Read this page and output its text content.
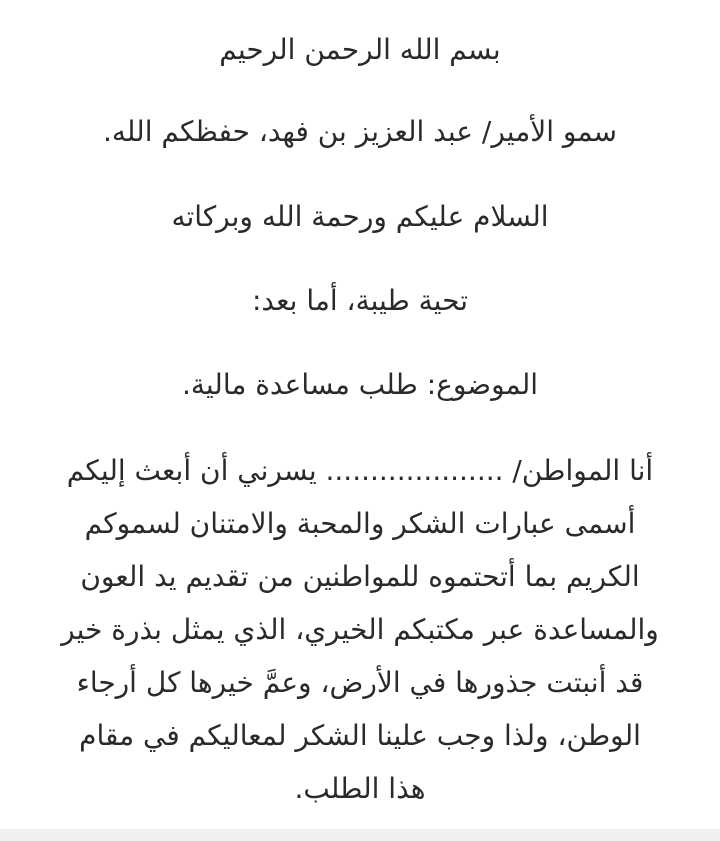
بسم الله الرحمن الرحيم
سمو الأمير/ عبد العزيز بن فهد، حفظكم الله.
السلام عليكم ورحمة الله وبركاته
تحية طيبة، أما بعد:
الموضوع: طلب مساعدة مالية.
أنا المواطن/ .................... يسرني أن أبعث إليكم
أسمى عبارات الشكر والمحبة والامتنان لسموكم
الكريم بما أتحتموه للمواطنين من تقديم يد العون
والمساعدة عبر مكتبكم الخيري، الذي يمثل بذرة خير
قد أنبتت جذورها في الأرض، وعمَّ خيرها كل أرجاء
الوطن، ولذا وجب علينا الشكر لمعاليكم في مقام
هذا الطلب.
